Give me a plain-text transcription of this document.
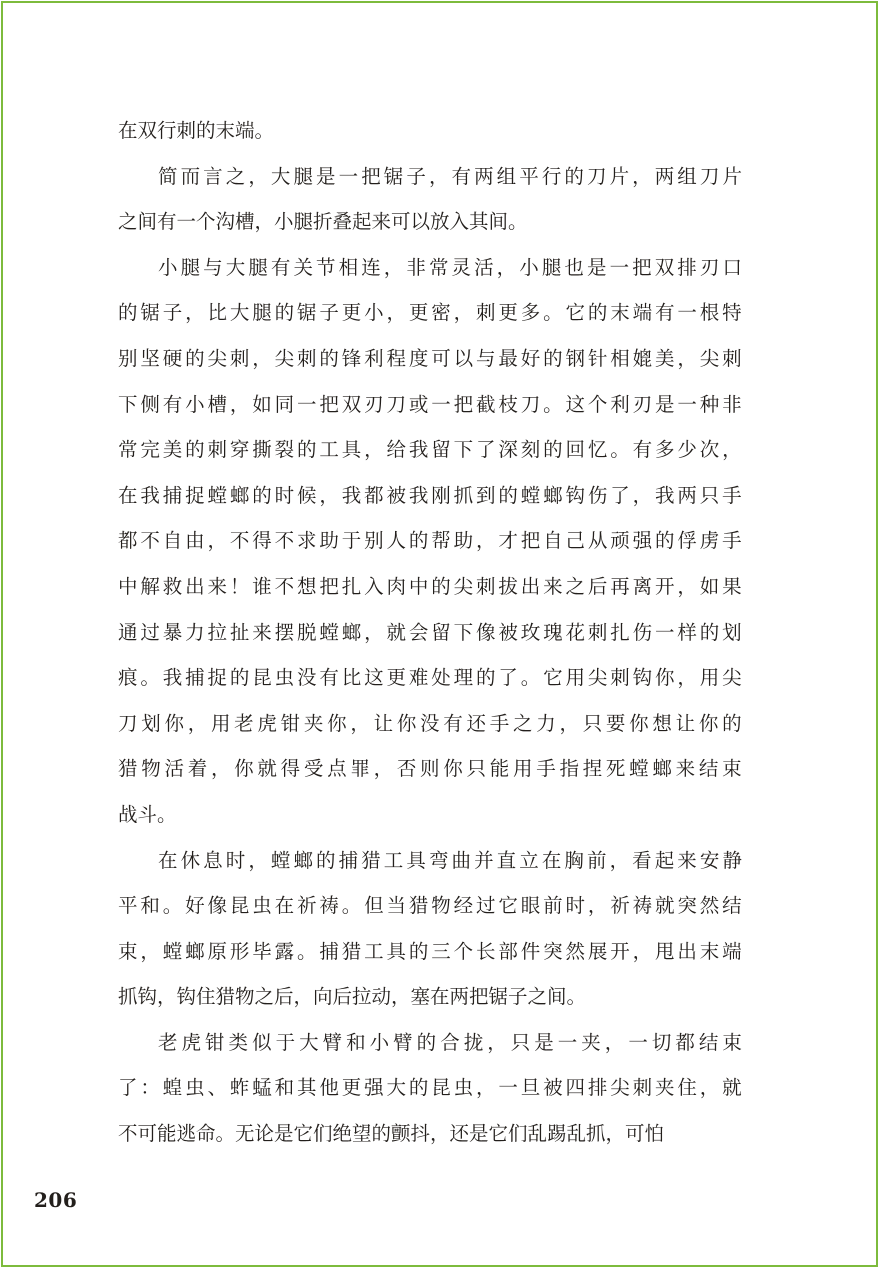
在双行刺的末端。
简 而 言 之 ， 大 腿 是 一 把 锯 子 ， 有 两 组 平 行 的 刀 片 ， 两 组 刀 片
之间有一个沟槽，小腿折叠起来可以放入其间。
小 腿 与 大 腿 有 关 节 相 连 ， 非 常 灵 活 ， 小 腿 也 是 一 把 双 排 刃 口
的 锯 子 ， 比 大 腿 的 锯 子 更 小 ， 更 密 ， 刺 更 多 。 它 的 末 端 有 一 根 特
别 坚 硬 的 尖 刺 ， 尖 刺 的 锋 利 程 度 可 以 与 最 好 的 钢 针 相 媲 美 ， 尖 刺
下 侧 有 小 槽 ， 如 同 一 把 双 刃 刀 或 一 把 截 枝 刀 。 这 个 利 刃 是 一 种 非
常 完 美 的 刺 穿 撕 裂 的 工 具 ， 给 我 留 下 了 深 刻 的 回 忆 。 有 多 少 次 ，
在 我 捕 捉 螳 螂 的 时 候 ， 我 都 被 我 刚 抓 到 的 螳 螂 钩 伤 了 ， 我 两 只 手
都 不 自 由 ， 不 得 不 求 助 于 别 人 的 帮 助 ， 才 把 自 己 从 顽 强 的 俘 虏 手
中 解 救 出 来 ！ 谁 不 想 把 扎 入 肉 中 的 尖 刺 拔 出 来 之 后 再 离 开 ， 如 果
通 过 暴 力 拉 扯 来 摆 脱 螳 螂 ， 就 会 留 下 像 被 玫 瑰 花 刺 扎 伤 一 样 的 划
痕 。 我 捕 捉 的 昆 虫 没 有 比 这 更 难 处 理 的 了 。 它 用 尖 刺 钩 你 ， 用 尖
刀 划 你 ， 用 老 虎 钳 夹 你 ， 让 你 没 有 还 手 之 力 ， 只 要 你 想 让 你 的
猎 物 活 着 ， 你 就 得 受 点 罪 ， 否 则 你 只 能 用 手 指 捏 死 螳 螂 来 结 束
战斗。
在 休 息 时 ， 螳 螂 的 捕 猎 工 具 弯 曲 并 直 立 在 胸 前 ， 看 起 来 安 静
平 和 。 好 像 昆 虫 在 祈 祷 。 但 当 猎 物 经 过 它 眼 前 时 ， 祈 祷 就 突 然 结
束 ， 螳 螂 原 形 毕 露 。 捕 猎 工 具 的 三 个 长 部 件 突 然 展 开 ， 甩 出 末 端
抓钩，钩住猎物之后，向后拉动，塞在两把锯子之间。
老 虎 钳 类 似 于 大 臂 和 小 臂 的 合 拢 ， 只 是 一 夹 ， 一 切 都 结 束
了 ： 蝗 虫 、 蚱 蜢 和 其 他 更 强 大 的 昆 虫 ， 一 旦 被 四 排 尖 刺 夹 住 ， 就
不可能逃命。无论是它们绝望的颤抖，还是它们乱踢乱抓，可怕
206
